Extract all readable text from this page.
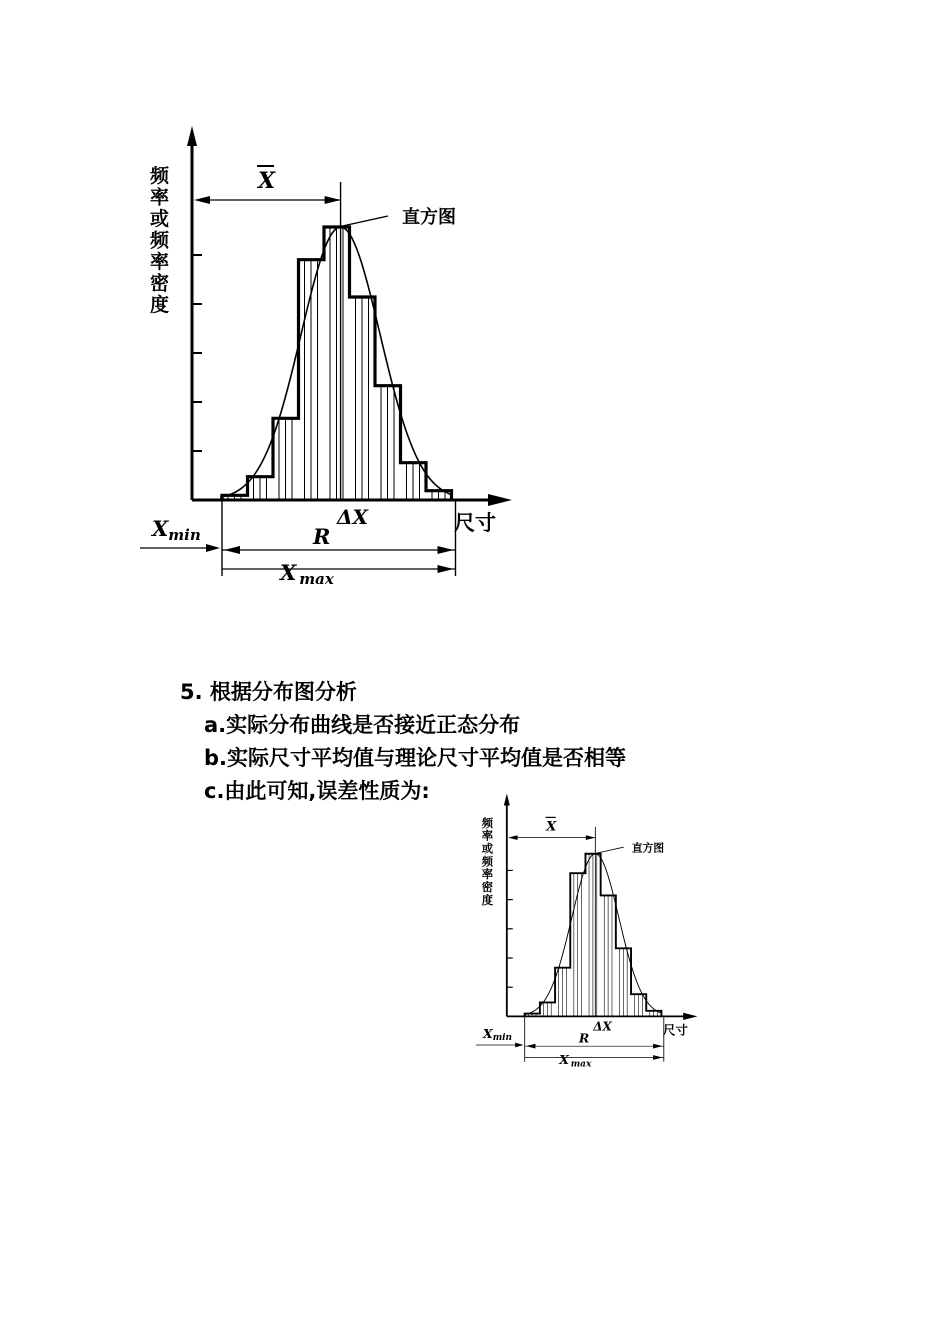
X
直方图
频
率
或
频
率
密
度
尺寸
ΔX
Xmin	R
X max

5. 根据分布图分析

a.实际分布曲线是否接近正态分布

b.实际尺寸平均值与理论尺寸平均值是否相等

c.由此可知,误差性质为:

X
直方图
频
率
或
频
率
密
度
尺寸
ΔX
Xmin	R
X max
